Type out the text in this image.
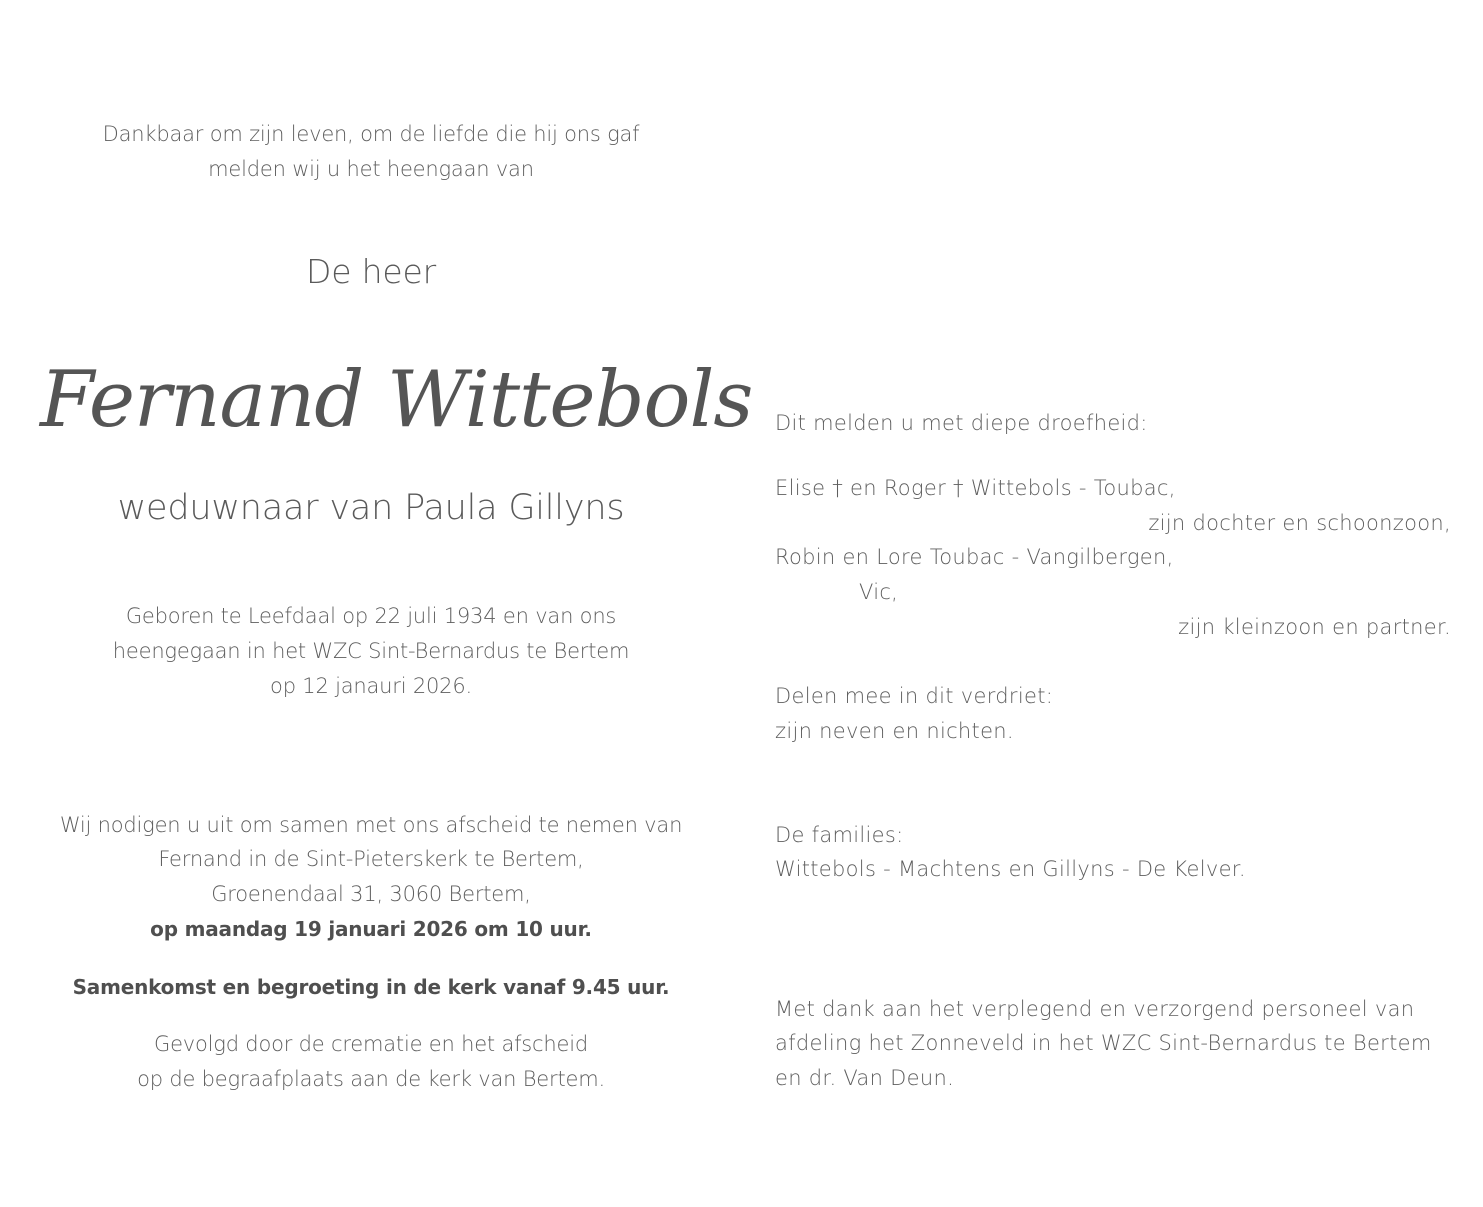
Dankbaar om zijn leven, om de liefde die hij ons gaf
melden wij u het heengaan van
De heer
Fernand Wittebols
weduwnaar van Paula Gillyns
Geboren te Leefdaal op 22 juli 1934 en van ons
heengegaan in het WZC Sint-Bernardus te Bertem
op 12 janauri 2026.
Wij nodigen u uit om samen met ons afscheid te nemen van
Fernand in de Sint-Pieterskerk te Bertem,
Groenendaal 31, 3060 Bertem,
op maandag 19 januari 2026 om 10 uur.
Samenkomst en begroeting in de kerk vanaf 9.45 uur.
Gevolgd door de crematie en het afscheid
op de begraafplaats aan de kerk van Bertem.
Dit melden u met diepe droefheid:
Elise † en Roger † Wittebols - Toubac,
zijn dochter en schoonzoon,
Robin en Lore Toubac - Vangilbergen,
Vic,
zijn kleinzoon en partner.
Delen mee in dit verdriet:
zijn neven en nichten.
De families:
Wittebols - Machtens en Gillyns - De Kelver.
Met dank aan het verplegend en verzorgend personeel van
afdeling het Zonneveld in het WZC Sint-Bernardus te Bertem
en dr. Van Deun.
